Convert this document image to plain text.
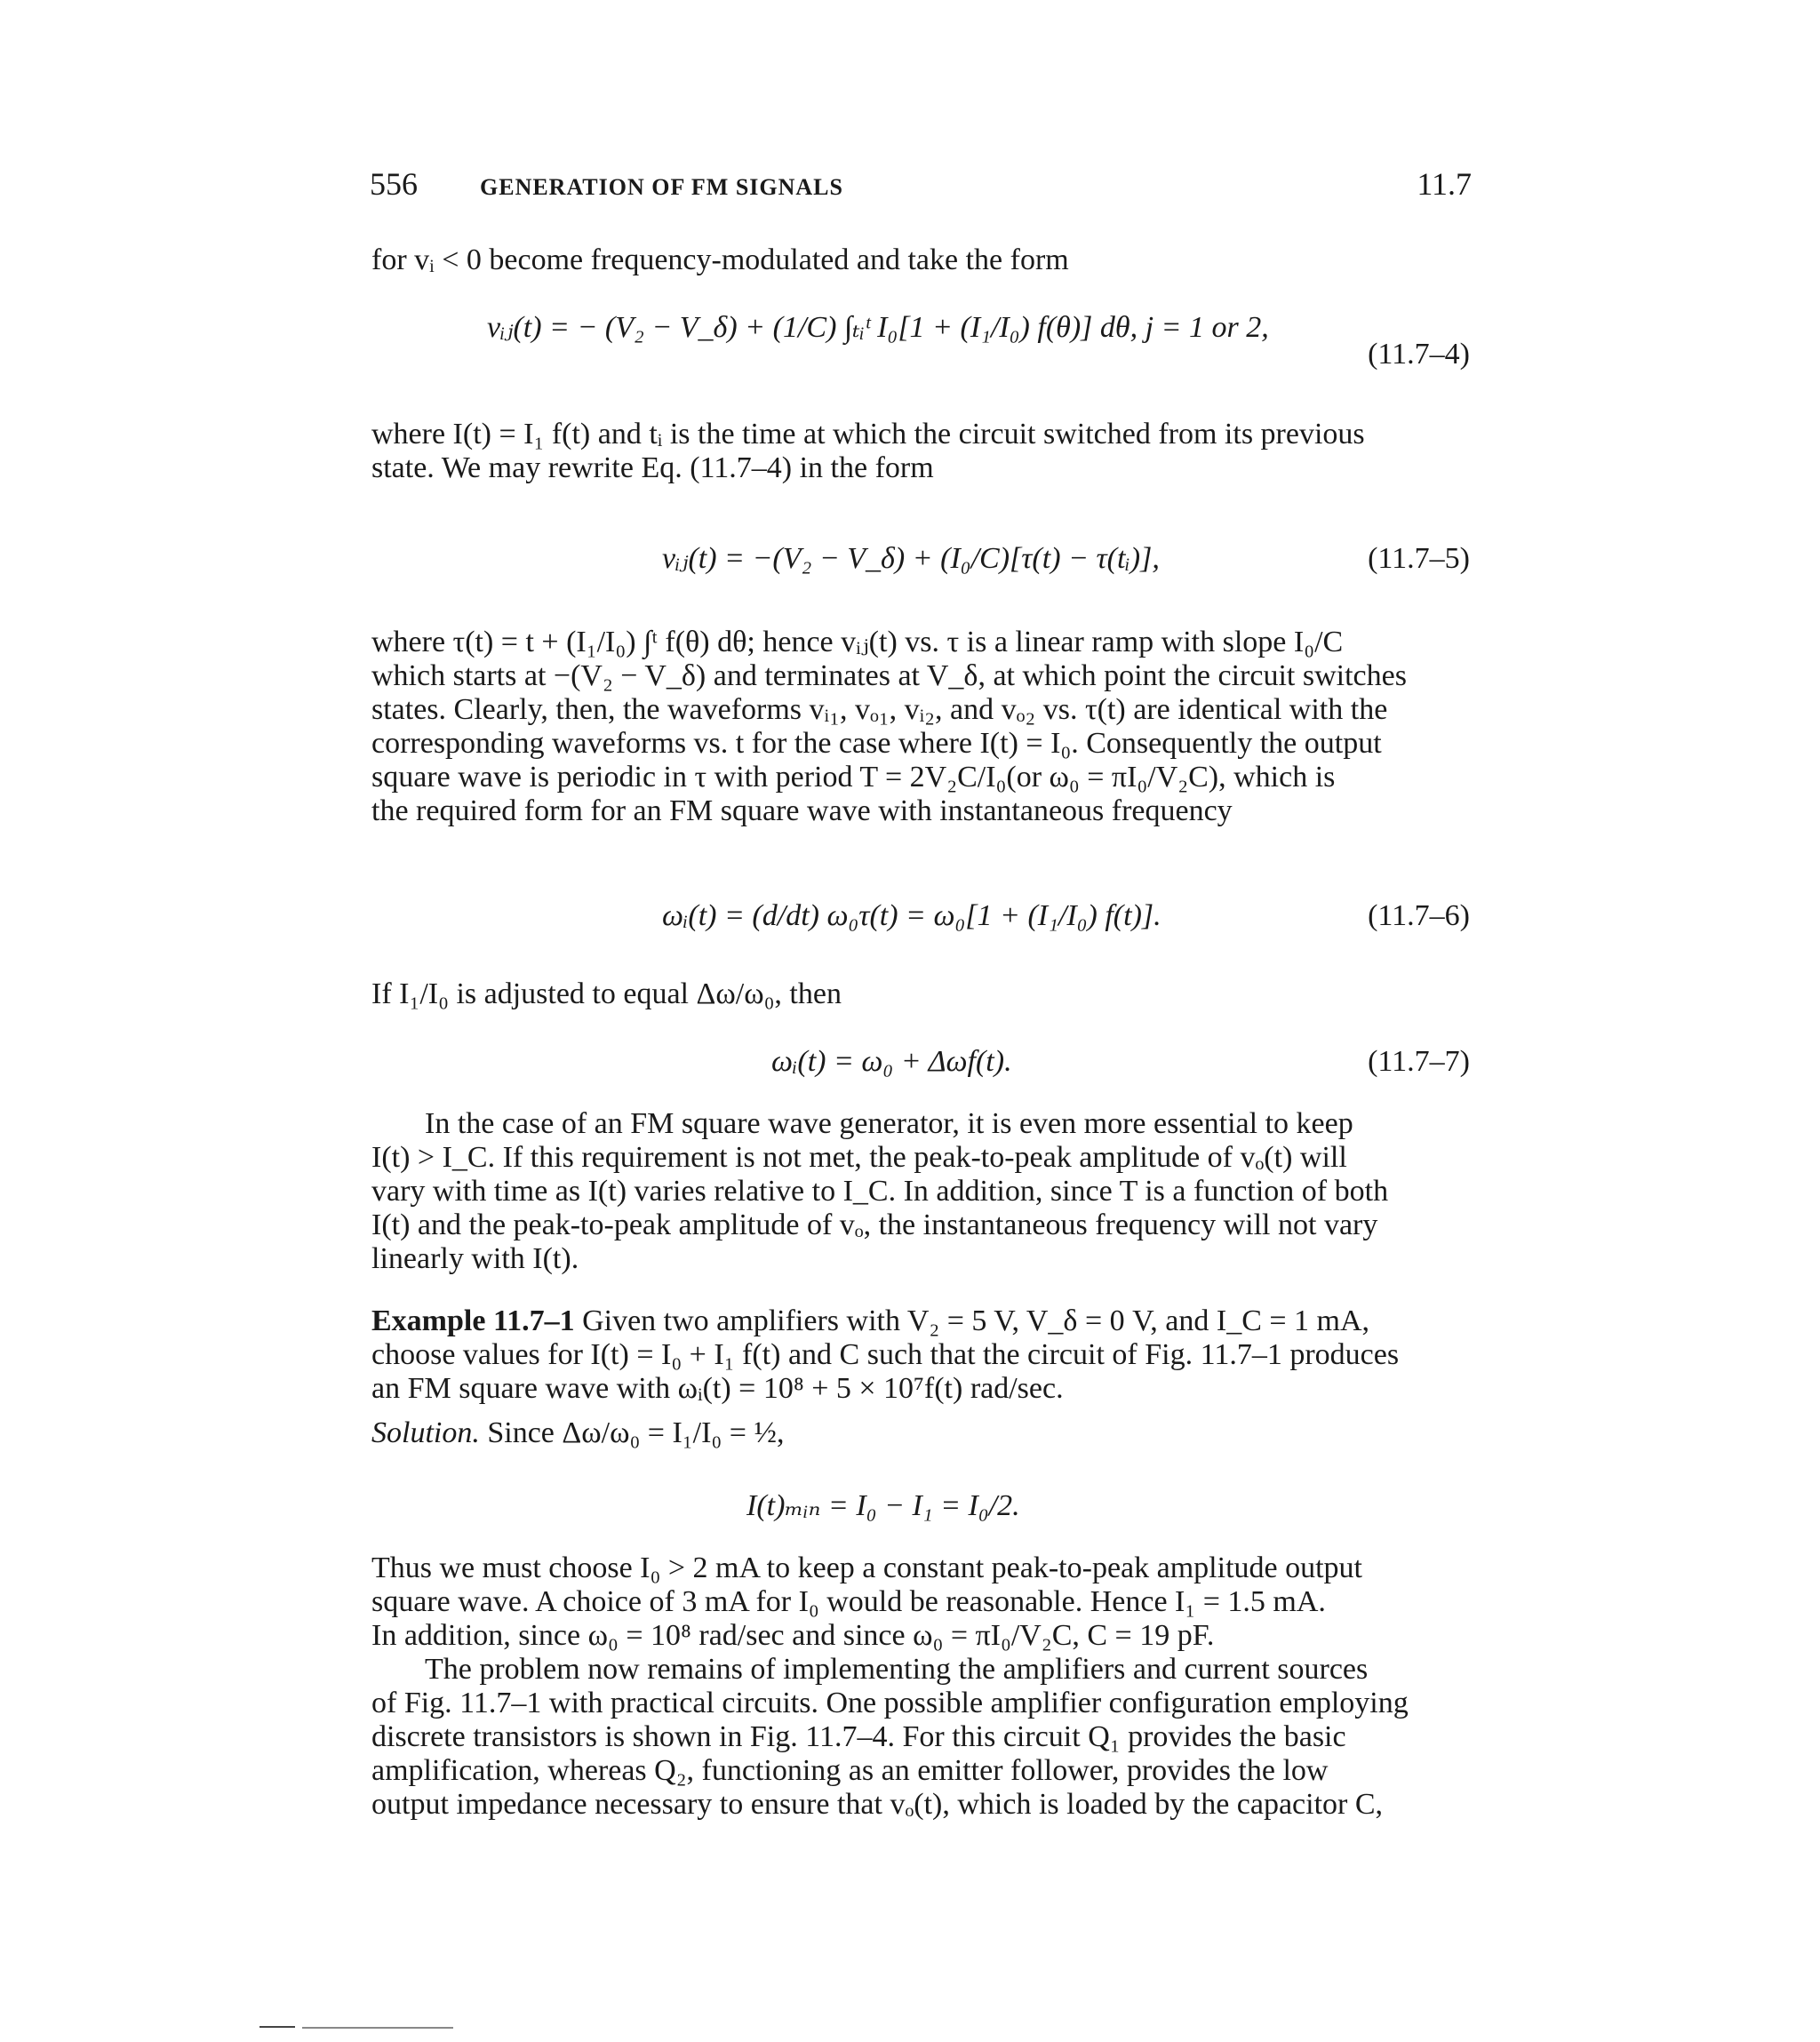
556	GENERATION OF FM SIGNALS	11.7
for vᵢ < 0 become frequency-modulated and take the form
vᵢⱼ(t) = − (V₂ − V_δ) + (1/C) ∫ₜᵢᵗ I₀[1 + (I₁/I₀) f(θ)] dθ, j = 1 or 2,
(11.7–4)
where I(t) = I₁ f(t) and tᵢ is the time at which the circuit switched from its previous
state. We may rewrite Eq. (11.7–4) in the form
vᵢⱼ(t) = −(V₂ − V_δ) + (I₀/C)[τ(t) − τ(tᵢ)],	(11.7–5)
where τ(t) = t + (I₁/I₀) ∫ᵗ f(θ) dθ; hence vᵢⱼ(t) vs. τ is a linear ramp with slope I₀/C
which starts at −(V₂ − V_δ) and terminates at V_δ, at which point the circuit switches
states. Clearly, then, the waveforms vᵢ₁, vₒ₁, vᵢ₂, and vₒ₂ vs. τ(t) are identical with the
corresponding waveforms vs. t for the case where I(t) = I₀. Consequently the output
square wave is periodic in τ with period T = 2V₂C/I₀(or ω₀ = πI₀/V₂C), which is
the required form for an FM square wave with instantaneous frequency
ωᵢ(t) = (d/dt) ω₀τ(t) = ω₀[1 + (I₁/I₀) f(t)].	(11.7–6)
If I₁/I₀ is adjusted to equal Δω/ω₀, then
ωᵢ(t) = ω₀ + Δωf(t).	(11.7–7)
In the case of an FM square wave generator, it is even more essential to keep
I(t) > I_C. If this requirement is not met, the peak-to-peak amplitude of vₒ(t) will
vary with time as I(t) varies relative to I_C. In addition, since T is a function of both
I(t) and the peak-to-peak amplitude of vₒ, the instantaneous frequency will not vary
linearly with I(t).
Example 11.7–1 Given two amplifiers with V₂ = 5 V, V_δ = 0 V, and I_C = 1 mA,
choose values for I(t) = I₀ + I₁ f(t) and C such that the circuit of Fig. 11.7–1 produces
an FM square wave with ωᵢ(t) = 10⁸ + 5 × 10⁷f(t) rad/sec.
Solution. Since Δω/ω₀ = I₁/I₀ = ½,
I(t)ₘᵢₙ = I₀ − I₁ = I₀/2.
Thus we must choose I₀ > 2 mA to keep a constant peak-to-peak amplitude output
square wave. A choice of 3 mA for I₀ would be reasonable. Hence I₁ = 1.5 mA.
In addition, since ω₀ = 10⁸ rad/sec and since ω₀ = πI₀/V₂C, C = 19 pF.
The problem now remains of implementing the amplifiers and current sources
of Fig. 11.7–1 with practical circuits. One possible amplifier configuration employing
discrete transistors is shown in Fig. 11.7–4. For this circuit Q₁ provides the basic
amplification, whereas Q₂, functioning as an emitter follower, provides the low
output impedance necessary to ensure that vₒ(t), which is loaded by the capacitor C,
